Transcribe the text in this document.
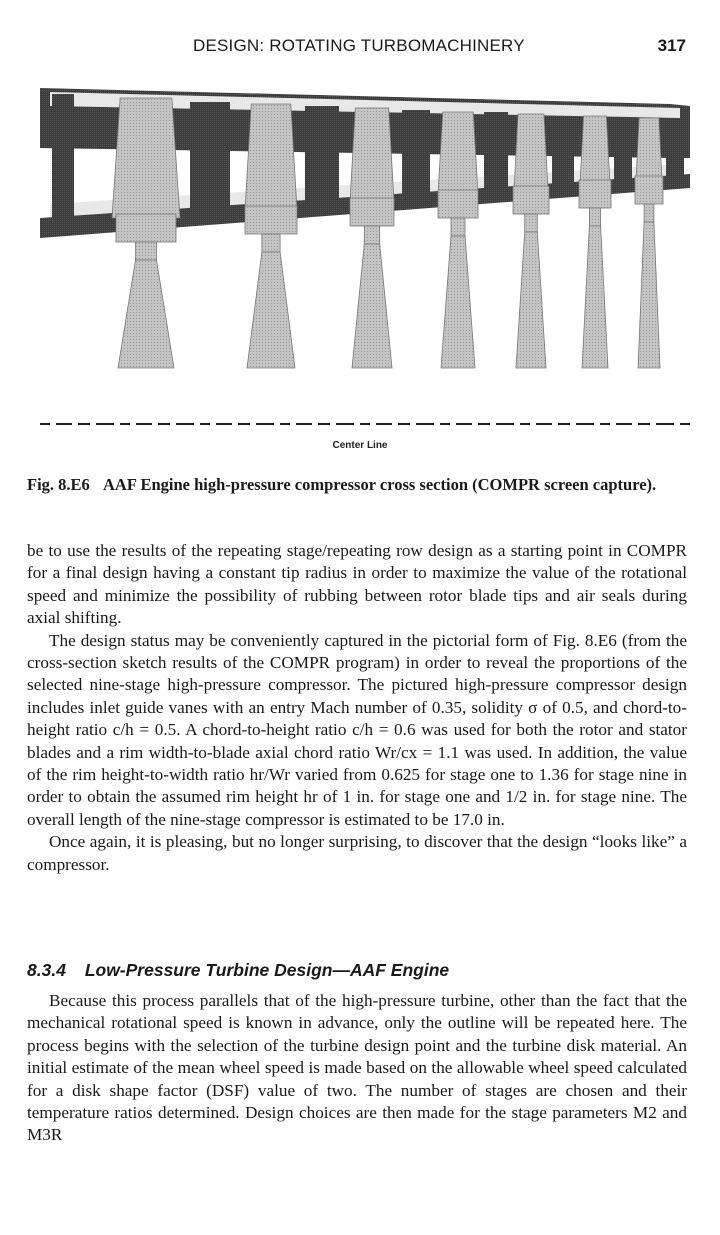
DESIGN: ROTATING TURBOMACHINERY	317
Center Line
Fig. 8.E6 AAF Engine high-pressure compressor cross section (COMPR screen capture).

be to use the results of the repeating stage/repeating row design as a starting point in COMPR for a final design having a constant tip radius in order to maximize the value of the rotational speed and minimize the possibility of rubbing between rotor blade tips and air seals during axial shifting.

The design status may be conveniently captured in the pictorial form of Fig. 8.E6 (from the cross-section sketch results of the COMPR program) in order to reveal the proportions of the selected nine-stage high-pressure compressor. The pictured high-pressure compressor design includes inlet guide vanes with an entry Mach number of 0.35, solidity σ of 0.5, and chord-to-height ratio c/h = 0.5. A chord-to-height ratio c/h = 0.6 was used for both the rotor and stator blades and a rim width-to-blade axial chord ratio Wr/cx = 1.1 was used. In addition, the value of the rim height-to-width ratio hr/Wr varied from 0.625 for stage one to 1.36 for stage nine in order to obtain the assumed rim height hr of 1 in. for stage one and 1/2 in. for stage nine. The overall length of the nine-stage compressor is estimated to be 17.0 in.

Once again, it is pleasing, but no longer surprising, to discover that the design “looks like” a compressor.

8.3.4 Low-Pressure Turbine Design—AAF Engine

Because this process parallels that of the high-pressure turbine, other than the fact that the mechanical rotational speed is known in advance, only the outline will be repeated here. The process begins with the selection of the turbine design point and the turbine disk material. An initial estimate of the mean wheel speed is made based on the allowable wheel speed calculated for a disk shape factor (DSF) value of two. The number of stages are chosen and their temperature ratios determined. Design choices are then made for the stage parameters M2 and M3R
